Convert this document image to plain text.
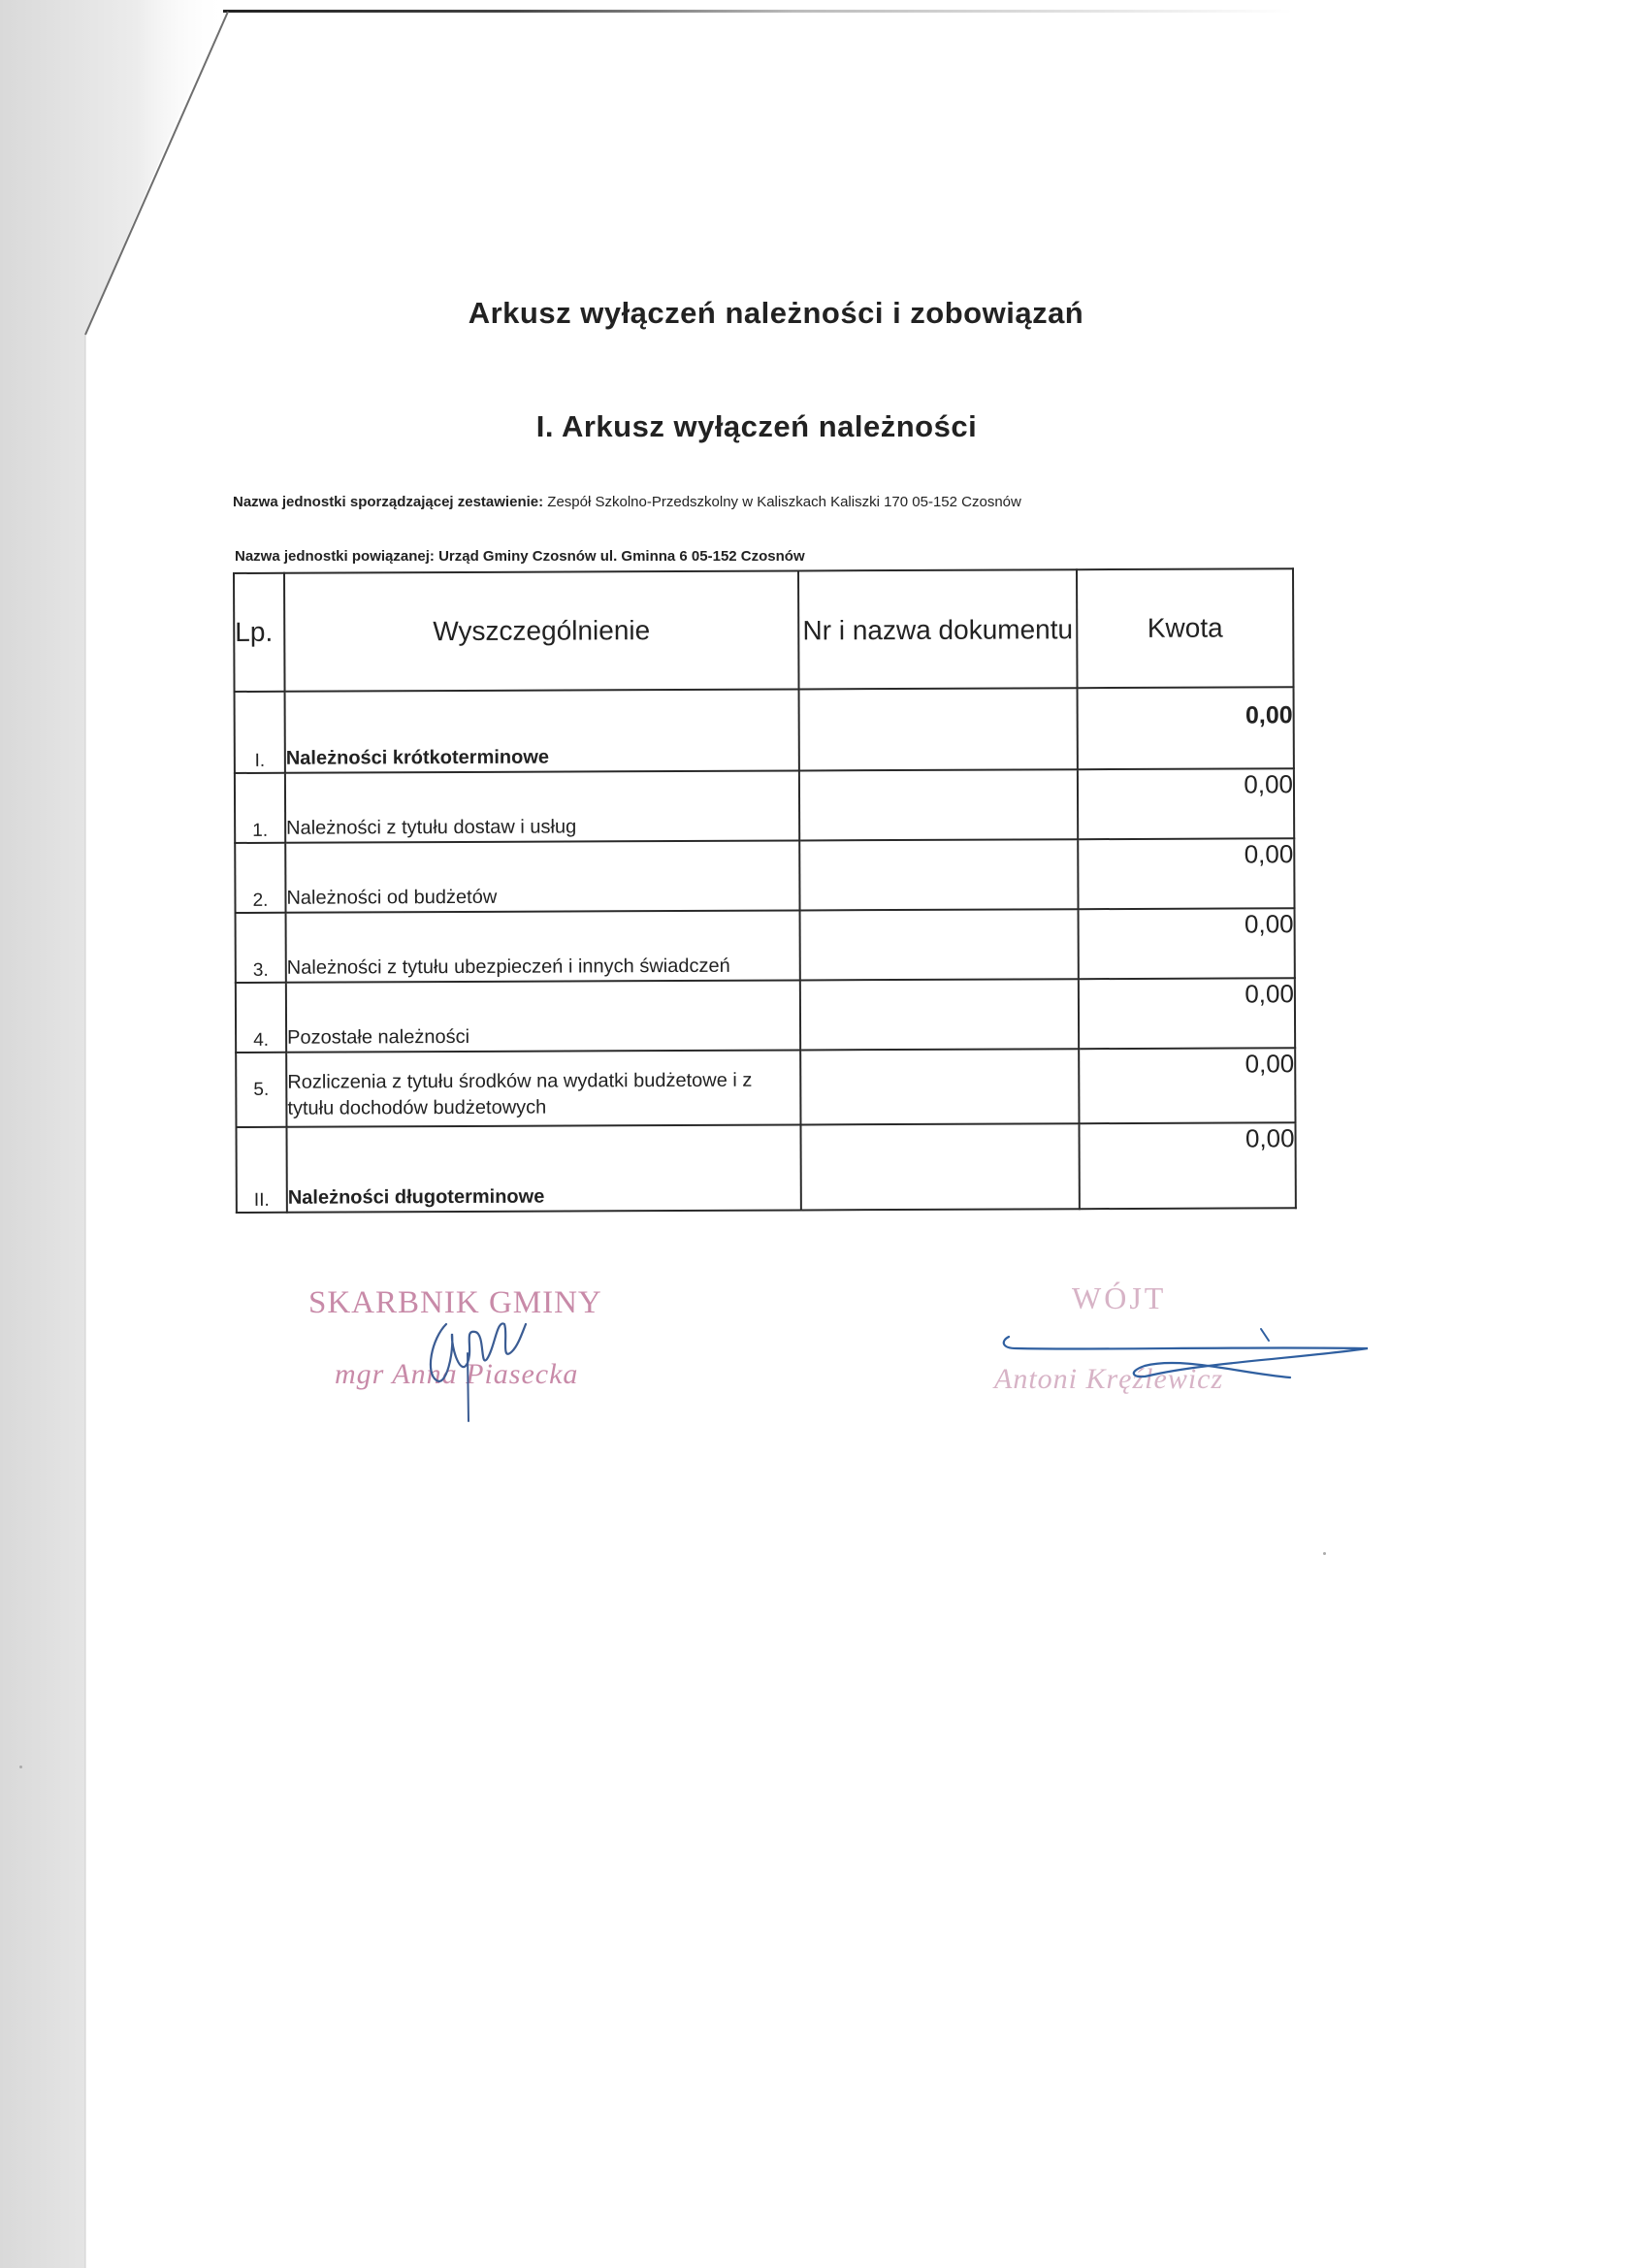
Arkusz wyłączeń należności i zobowiązań
I. Arkusz wyłączeń należności
Nazwa jednostki sporządzającej zestawienie: Zespół Szkolno-Przedszkolny w Kaliszkach Kaliszki 170 05-152 Czosnów
Nazwa jednostki powiązanej: Urząd Gminy Czosnów ul. Gminna 6 05-152 Czosnów
Lp.	Wyszczególnienie	Nr i nazwa dokumentu	Kwota
I.	Należności krótkoterminowe		0,00
1.	Należności z tytułu dostaw i usług		0,00
2.	Należności od budżetów		0,00
3.	Należności z tytułu ubezpieczeń i innych świadczeń		0,00
4.	Pozostałe należności		0,00
5.	Rozliczenia z tytułu środków na wydatki budżetowe i z tytułu dochodów budżetowych		0,00
II.	Należności długoterminowe		0,00
SKARBNIK GMINY
mgr Anna Piasecka
WÓJT
Antoni Kręźlewicz
